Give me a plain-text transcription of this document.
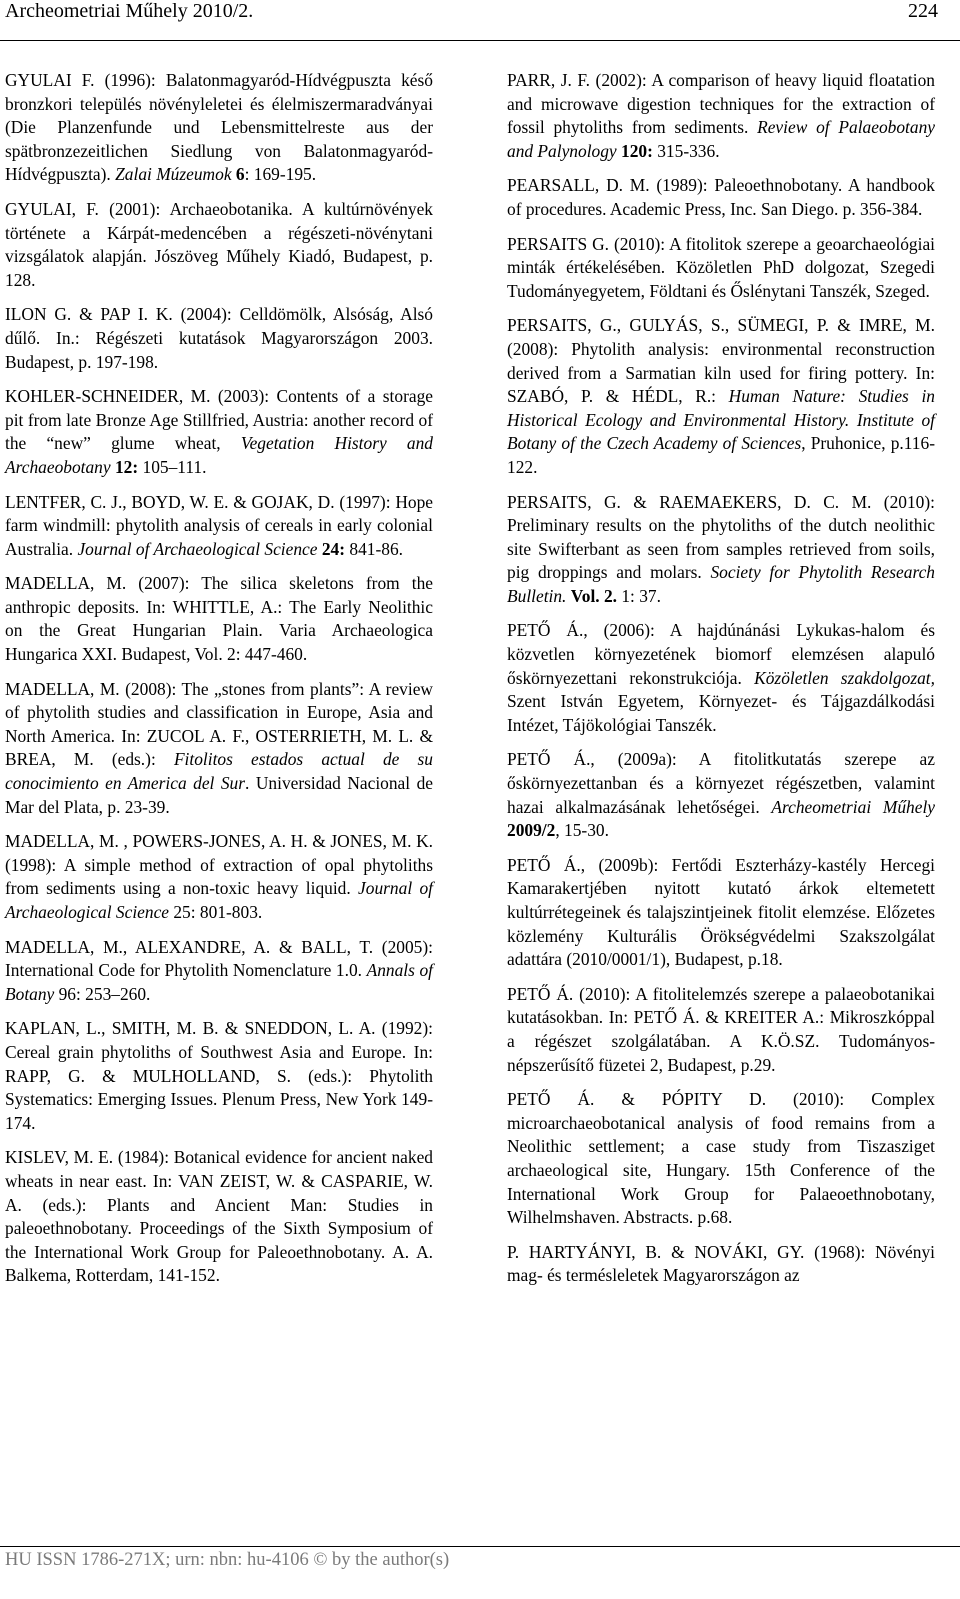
Archeometriai Műhely 2010/2.	224

GYULAI F. (1996): Balatonmagyaród-Hídvégpuszta késő bronzkori település növényleletei és élelmiszermaradványai (Die Planzenfunde und Lebensmittelreste aus der spätbronzezeitlichen Siedlung von Balatonmagyaród-Hídvégpuszta). Zalai Múzeumok 6: 169-195.

GYULAI, F. (2001): Archaeobotanika. A kultúrnövények története a Kárpát-medencében a régészeti-növénytani vizsgálatok alapján. Jószöveg Műhely Kiadó, Budapest, p. 128.

ILON G. & PAP I. K. (2004): Celldömölk, Alsóság, Alsó dűlő. In.: Régészeti kutatások Magyarországon 2003. Budapest, p. 197-198.

KOHLER-SCHNEIDER, M. (2003): Contents of a storage pit from late Bronze Age Stillfried, Austria: another record of the “new” glume wheat, Vegetation History and Archaeobotany 12: 105–111.

LENTFER, C. J., BOYD, W. E. & GOJAK, D. (1997): Hope farm windmill: phytolith analysis of cereals in early colonial Australia. Journal of Archaeological Science 24: 841-86.

MADELLA, M. (2007): The silica skeletons from the anthropic deposits. In: WHITTLE, A.: The Early Neolithic on the Great Hungarian Plain. Varia Archaeologica Hungarica XXI. Budapest, Vol. 2: 447-460.

MADELLA, M. (2008): The „stones from plants”: A review of phytolith studies and classification in Europe, Asia and North America. In: ZUCOL A. F., OSTERRIETH, M. L. & BREA, M. (eds.): Fitolitos estados actual de su conocimiento en America del Sur. Universidad Nacional de Mar del Plata, p. 23-39.

MADELLA, M. , POWERS-JONES, A. H. & JONES, M. K. (1998): A simple method of extraction of opal phytoliths from sediments using a non-toxic heavy liquid. Journal of Archaeological Science 25: 801-803.

MADELLA, M., ALEXANDRE, A. & BALL, T. (2005): International Code for Phytolith Nomenclature 1.0. Annals of Botany 96: 253–260.

KAPLAN, L., SMITH, M. B. & SNEDDON, L. A. (1992): Cereal grain phytoliths of Southwest Asia and Europe. In: RAPP, G. & MULHOLLAND, S. (eds.): Phytolith Systematics: Emerging Issues. Plenum Press, New York 149-174.

KISLEV, M. E. (1984): Botanical evidence for ancient naked wheats in near east. In: VAN ZEIST, W. & CASPARIE, W. A. (eds.): Plants and Ancient Man: Studies in paleoethnobotany. Proceedings of the Sixth Symposium of the International Work Group for Paleoethnobotany. A. A. Balkema, Rotterdam, 141-152.

PARR, J. F. (2002): A comparison of heavy liquid floatation and microwave digestion techniques for the extraction of fossil phytoliths from sediments. Review of Palaeobotany and Palynology 120: 315-336.

PEARSALL, D. M. (1989): Paleoethnobotany. A handbook of procedures. Academic Press, Inc. San Diego. p. 356-384.

PERSAITS G. (2010): A fitolitok szerepe a geoarchaeológiai minták értékelésében. Közöletlen PhD dolgozat, Szegedi Tudományegyetem, Földtani és Őslénytani Tanszék, Szeged.

PERSAITS, G., GULYÁS, S., SÜMEGI, P. & IMRE, M. (2008): Phytolith analysis: environmental reconstruction derived from a Sarmatian kiln used for firing pottery. In: SZABÓ, P. & HÉDL, R.: Human Nature: Studies in Historical Ecology and Environmental History. Institute of Botany of the Czech Academy of Sciences, Pruhonice, p.116-122.

PERSAITS, G. & RAEMAEKERS, D. C. M. (2010): Preliminary results on the phytoliths of the dutch neolithic site Swifterbant as seen from samples retrieved from soils, pig droppings and molars. Society for Phytolith Research Bulletin. Vol. 2. 1: 37.

PETŐ Á., (2006): A hajdúnánási Lykukas-halom és közvetlen környezetének biomorf elemzésen alapuló őskörnyezettani rekonstrukciója. Közöletlen szakdolgozat, Szent István Egyetem, Környezet- és Tájgazdálkodási Intézet, Tájökológiai Tanszék.

PETŐ Á., (2009a): A fitolitkutatás szerepe az őskörnyezettanban és a környezet régészetben, valamint hazai alkalmazásának lehetőségei. Archeometriai Műhely 2009/2, 15-30.

PETŐ Á., (2009b): Fertődi Eszterházy-kastély Hercegi Kamarakertjében nyitott kutató árkok eltemetett kultúrrétegeinek és talajszintjeinek fitolit elemzése. Előzetes közlemény Kulturális Örökségvédelmi Szakszolgálat adattára (2010/0001/1), Budapest, p.18.

PETŐ Á. (2010): A fitolitelemzés szerepe a palaeobotanikai kutatásokban. In: PETŐ Á. & KREITER A.: Mikroszkóppal a régészet szolgálatában. A K.Ö.SZ. Tudományos-népszerűsítő füzetei 2, Budapest, p.29.

PETŐ Á. & PÓPITY D. (2010): Complex microarchaeobotanical analysis of food remains from a Neolithic settlement; a case study from Tiszasziget archaeological site, Hungary. 15th Conference of the International Work Group for Palaeoethnobotany, Wilhelmshaven. Abstracts. p.68.

P. HARTYÁNYI, B. & NOVÁKI, GY. (1968): Növényi mag- és termésleletek Magyarországon az

HU ISSN 1786-271X; urn: nbn: hu-4106 © by the author(s)
